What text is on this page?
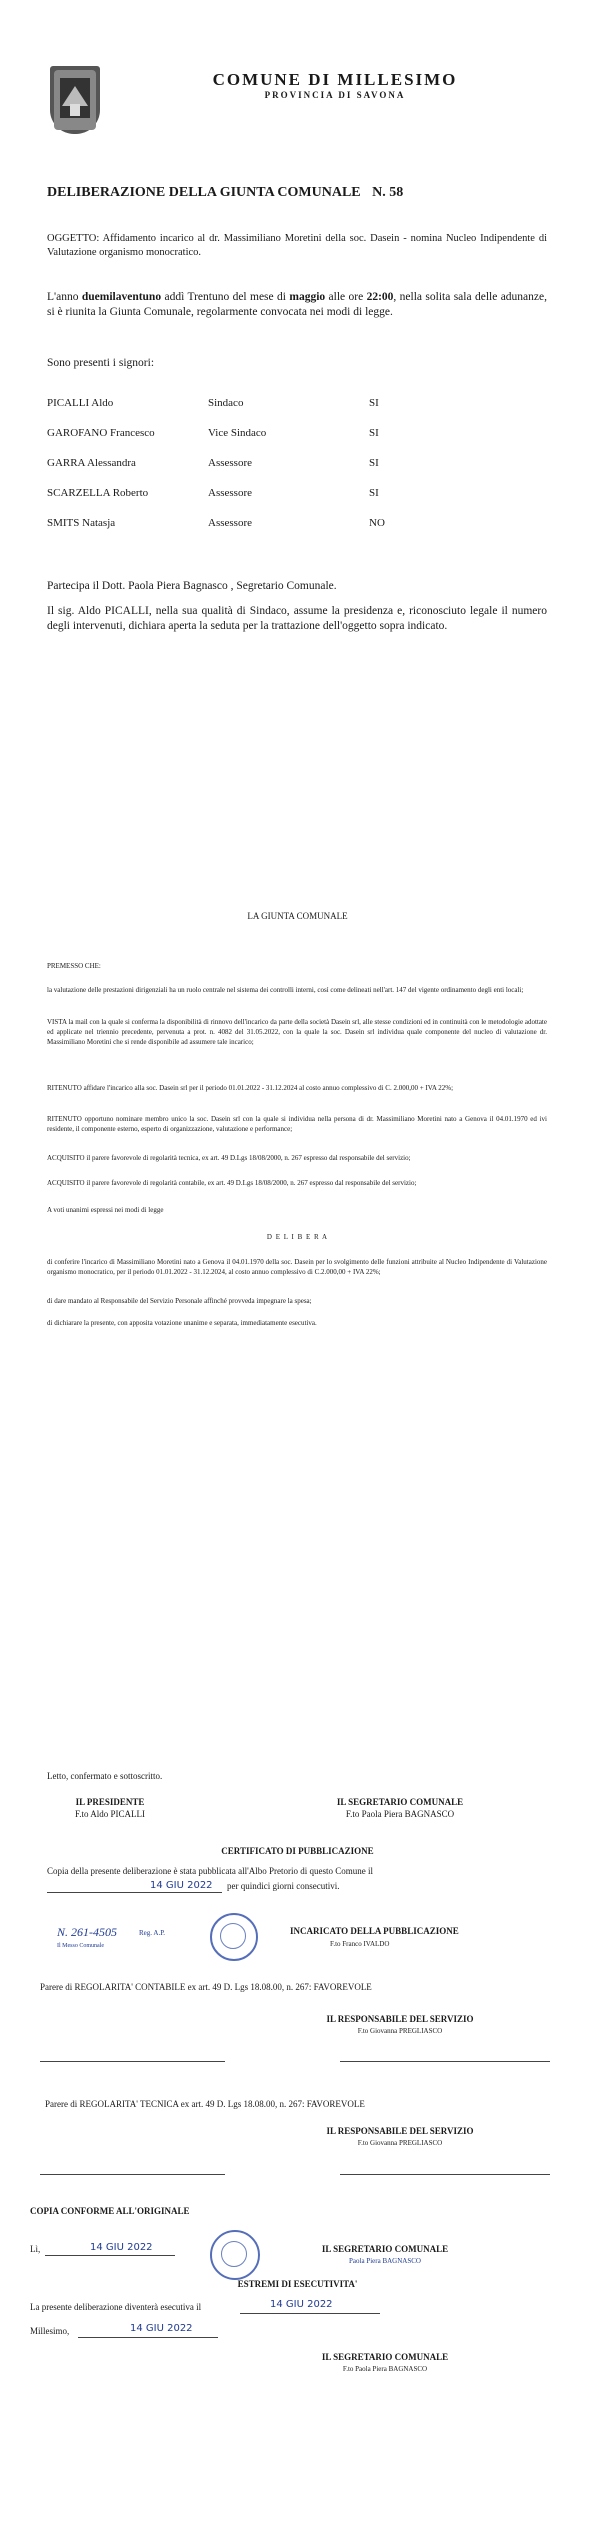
COMUNE DI MILLESIMO
PROVINCIA DI SAVONA
DELIBERAZIONE DELLA GIUNTA COMUNALE N. 58
OGGETTO: Affidamento incarico al dr. Massimiliano Moretini della soc. Dasein - nomina Nucleo Indipendente di Valutazione organismo monocratico.
L'anno duemilaventuno addì Trentuno del mese di maggio alle ore 22:00, nella solita sala delle adunanze, si è riunita la Giunta Comunale, regolarmente convocata nei modi di legge.
Sono presenti i signori:
PICALLI Aldo	Sindaco	SI
GAROFANO Francesco	Vice Sindaco	SI
GARRA Alessandra	Assessore	SI
SCARZELLA Roberto	Assessore	SI
SMITS Natasja	Assessore	NO
Partecipa il Dott. Paola Piera Bagnasco , Segretario Comunale.
Il sig. Aldo PICALLI, nella sua qualità di Sindaco, assume la presidenza e, riconosciuto legale il numero degli intervenuti, dichiara aperta la seduta per la trattazione dell'oggetto sopra indicato.
LA GIUNTA COMUNALE
PREMESSO CHE:
la valutazione delle prestazioni dirigenziali ha un ruolo centrale nel sistema dei controlli interni, così come delineati nell'art. 147 del vigente ordinamento degli enti locali;
VISTA la mail con la quale si conferma la disponibilità di rinnovo dell'incarico da parte della società Dasein srl, alle stesse condizioni ed in continuità con le metodologie adottate ed applicate nel triennio precedente, pervenuta a prot. n. 4082 del 31.05.2022, con la quale la soc. Dasein srl individua quale componente del nucleo di valutazione dr. Massimiliano Moretini che si rende disponibile ad assumere tale incarico;
RITENUTO affidare l'incarico alla soc. Dasein srl per il periodo 01.01.2022 - 31.12.2024 al costo annuo complessivo di C. 2.000,00 + IVA 22%;
RITENUTO opportuno nominare membro unico la soc. Dasein srl con la quale si individua nella persona di dr. Massimiliano Moretini nato a Genova il 04.01.1970 ed ivi residente, il componente esterno, esperto di organizzazione, valutazione e performance;
ACQUISITO il parere favorevole di regolarità tecnica, ex art. 49 D.Lgs 18/08/2000, n. 267 espresso dal responsabile del servizio;
ACQUISITO il parere favorevole di regolarità contabile, ex art. 49 D.Lgs 18/08/2000, n. 267 espresso dal responsabile del servizio;
A voti unanimi espressi nei modi di legge
D E L I B E R A
di conferire l'incarico di Massimiliano Moretini nato a Genova il 04.01.1970 della soc. Dasein per lo svolgimento delle funzioni attribuite al Nucleo Indipendente di Valutazione organismo monocratico, per il periodo 01.01.2022 - 31.12.2024, al costo annuo complessivo di C.2.000,00 + IVA 22%;
di dare mandato al Responsabile del Servizio Personale affinché provveda impegnare la spesa;
di dichiarare la presente, con apposita votazione unanime e separata, immediatamente esecutiva.
Letto, confermato e sottoscritto.
IL PRESIDENTE
F.to Aldo PICALLI
IL SEGRETARIO COMUNALE
F.to Paola Piera BAGNASCO
CERTIFICATO DI PUBBLICAZIONE
Copia della presente deliberazione è stata pubblicata all'Albo Pretorio di questo Comune il
14 GIU 2022 per quindici giorni consecutivi.
N. 261-4505	Reg. A.P.
Il Messo Comunale
INCARICATO DELLA PUBBLICAZIONE
F.to Franco IVALDO
Parere di REGOLARITA' CONTABILE ex art. 49 D. Lgs 18.08.00, n. 267: FAVOREVOLE
IL RESPONSABILE DEL SERVIZIO
F.to Giovanna PREGLIASCO
Parere di REGOLARITA' TECNICA ex art. 49 D. Lgs 18.08.00, n. 267: FAVOREVOLE
IL RESPONSABILE DEL SERVIZIO
F.to Giovanna PREGLIASCO
COPIA CONFORME ALL'ORIGINALE
Lì,	14 GIU 2022	IL SEGRETARIO COMUNALE
Paola Piera BAGNASCO
ESTREMI DI ESECUTIVITA'
La presente deliberazione diventerà esecutiva il	14 GIU 2022
Millesimo,	14 GIU 2022
IL SEGRETARIO COMUNALE
F.to Paola Piera BAGNASCO
